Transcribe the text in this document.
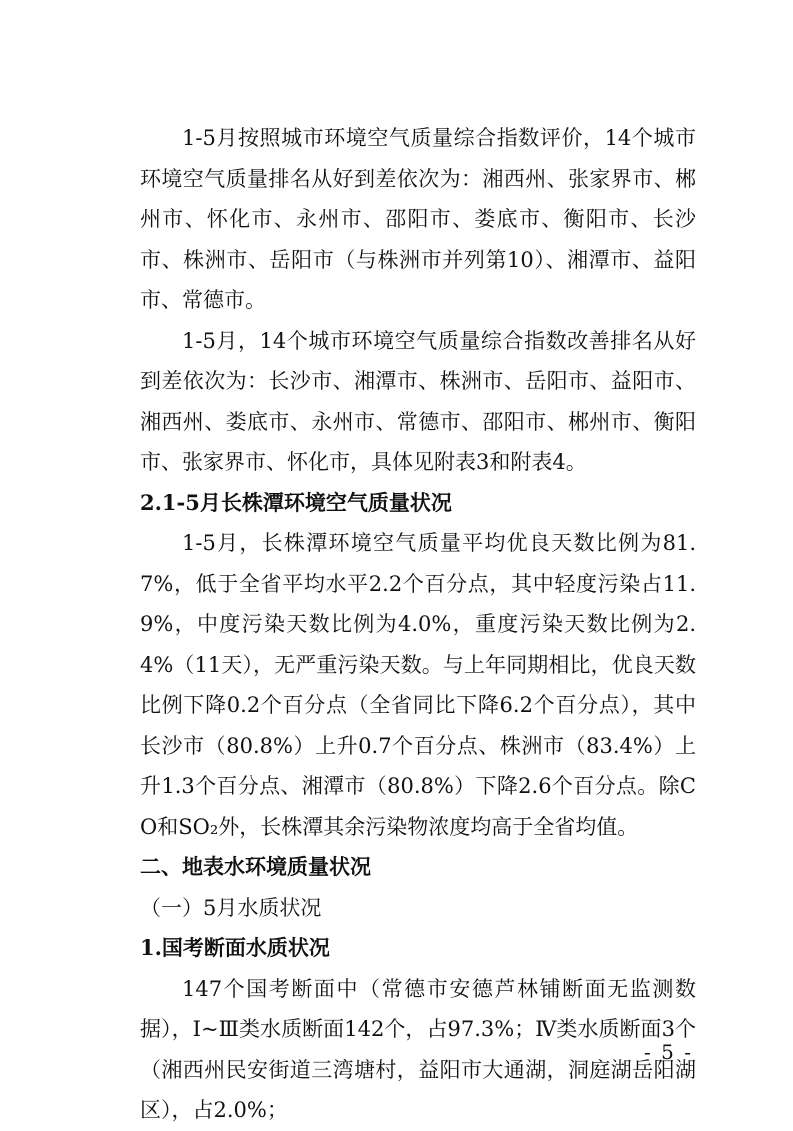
1-5月按照城市环境空气质量综合指数评价，14个城市环境空气质量排名从好到差依次为：湘西州、张家界市、郴州市、怀化市、永州市、邵阳市、娄底市、衡阳市、长沙市、株洲市、岳阳市（与株洲市并列第10）、湘潭市、益阳市、常德市。

1-5月，14个城市环境空气质量综合指数改善排名从好到差依次为：长沙市、湘潭市、株洲市、岳阳市、益阳市、湘西州、娄底市、永州市、常德市、邵阳市、郴州市、衡阳市、张家界市、怀化市，具体见附表3和附表4。

2.1-5月长株潭环境空气质量状况

1-5月，长株潭环境空气质量平均优良天数比例为81.7%，低于全省平均水平2.2个百分点，其中轻度污染占11.9%，中度污染天数比例为4.0%，重度污染天数比例为2.4%（11天），无严重污染天数。与上年同期相比，优良天数比例下降0.2个百分点（全省同比下降6.2个百分点），其中长沙市（80.8%）上升0.7个百分点、株洲市（83.4%）上升1.3个百分点、湘潭市（80.8%）下降2.6个百分点。除CO和SO₂外，长株潭其余污染物浓度均高于全省均值。

二、地表水环境质量状况

（一）5月水质状况

1.国考断面水质状况

147个国考断面中（常德市安德芦林铺断面无监测数据），Ⅰ~Ⅲ类水质断面142个，占97.3%；Ⅳ类水质断面3个（湘西州民安街道三湾塘村，益阳市大通湖，洞庭湖岳阳湖区），占2.0%；

- 5 -
